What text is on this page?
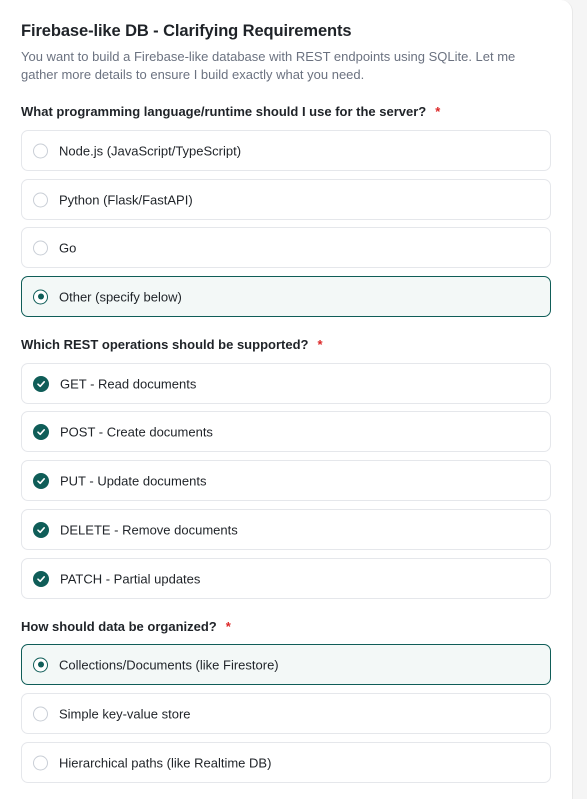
Firebase-like DB - Clarifying Requirements
You want to build a Firebase-like database with REST endpoints using SQLite. Let me gather more details to ensure I build exactly what you need.
What programming language/runtime should I use for the server? *
Node.js (JavaScript/TypeScript)
Python (Flask/FastAPI)
Go
Other (specify below)
Which REST operations should be supported? *
GET - Read documents
POST - Create documents
PUT - Update documents
DELETE - Remove documents
PATCH - Partial updates
How should data be organized? *
Collections/Documents (like Firestore)
Simple key-value store
Hierarchical paths (like Realtime DB)
